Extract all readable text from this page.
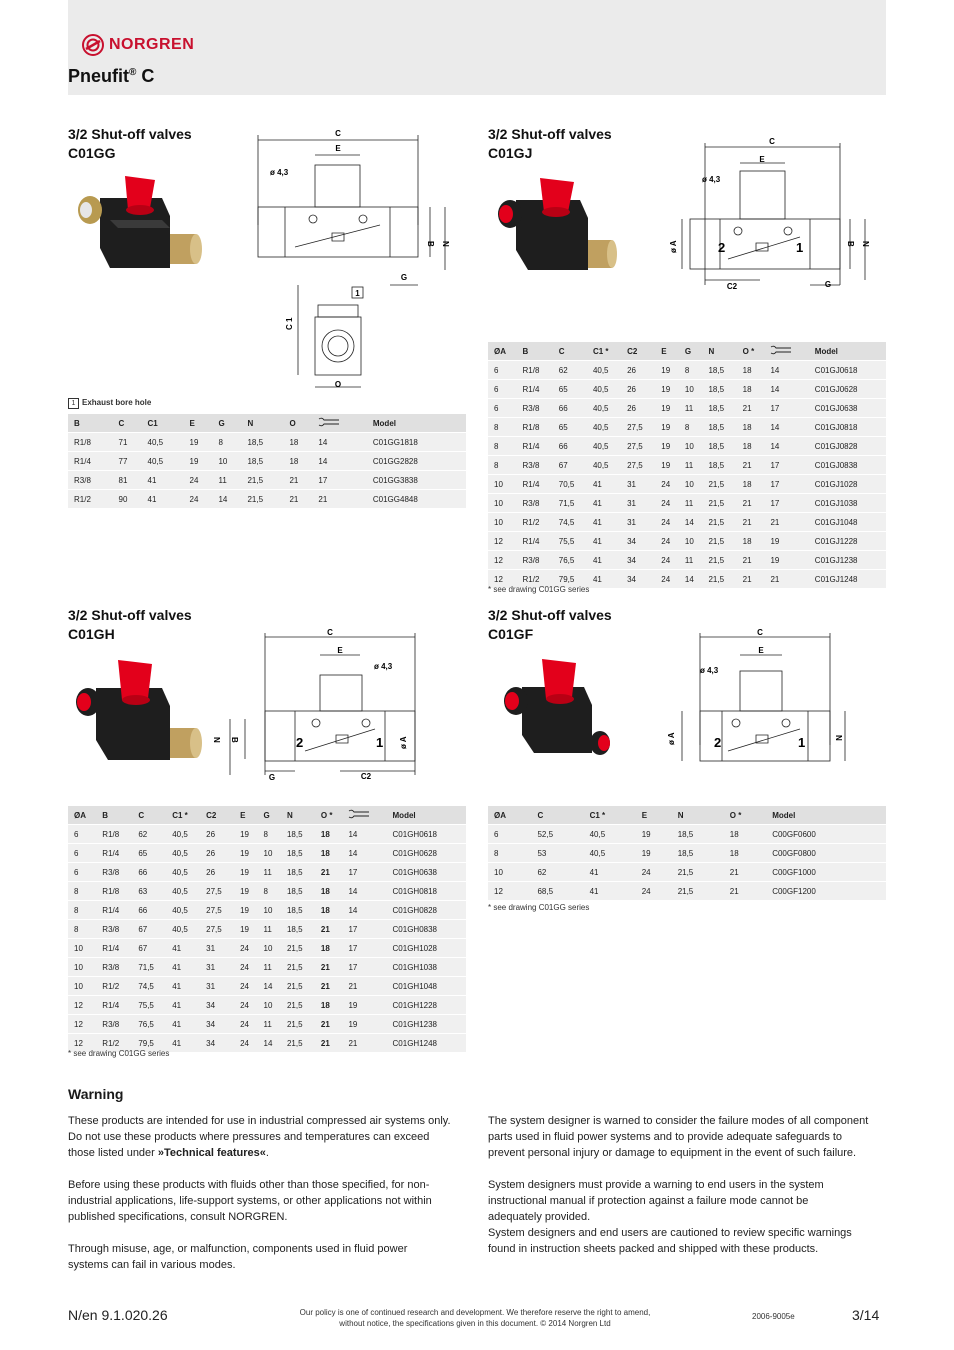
NORGREN
Pneufit® C
3/2 Shut-off valves
C01GG
C
E
ø 4,3
B N
G
1
C 1
O
1 Exhaust bore hole
B	C	C1	E	G	N	O		Model
R1/8	71	40,5	19	8	18,5	18	14	C01GG1818
R1/4	77	40,5	19	10	18,5	18	14	C01GG2828
R3/8	81	41	24	11	21,5	21	17	C01GG3838
R1/2	90	41	24	14	21,5	21	21	C01GG4848
3/2 Shut-off valves
C01GJ
C
E
ø 4,3
ø A	2	1	B N
C2	G
ØA	B	C	C1 *	C2	E	G	N	O *		Model
6	R1/8	62	40,5	26	19	8	18,5	18	14	C01GJ0618
6	R1/4	65	40,5	26	19	10	18,5	18	14	C01GJ0628
6	R3/8	66	40,5	26	19	11	18,5	21	17	C01GJ0638
8	R1/8	65	40,5	27,5	19	8	18,5	18	14	C01GJ0818
8	R1/4	66	40,5	27,5	19	10	18,5	18	14	C01GJ0828
8	R3/8	67	40,5	27,5	19	11	18,5	21	17	C01GJ0838
10	R1/4	70,5	41	31	24	10	21,5	18	17	C01GJ1028
10	R3/8	71,5	41	31	24	11	21,5	21	17	C01GJ1038
10	R1/2	74,5	41	31	24	14	21,5	21	21	C01GJ1048
12	R1/4	75,5	41	34	24	10	21,5	18	19	C01GJ1228
12	R3/8	76,5	41	34	24	11	21,5	21	19	C01GJ1238
12	R1/2	79,5	41	34	24	14	21,5	21	21	C01GJ1248
* see drawing C01GG series
3/2 Shut-off valves
C01GH	C
E
ø 4,3
N B	2	1 ø A
G	C2
ØA	B	C	C1 *	C2	E	G	N	O *		Model
6	R1/8	62	40,5	26	19	8	18,5	18	14	C01GH0618
6	R1/4	65	40,5	26	19	10	18,5	18	14	C01GH0628
6	R3/8	66	40,5	26	19	11	18,5	21	17	C01GH0638
8	R1/8	63	40,5	27,5	19	8	18,5	18	14	C01GH0818
8	R1/4	66	40,5	27,5	19	10	18,5	18	14	C01GH0828
8	R3/8	67	40,5	27,5	19	11	18,5	21	17	C01GH0838
10	R1/4	67	41	31	24	10	21,5	18	17	C01GH1028
10	R3/8	71,5	41	31	24	11	21,5	21	17	C01GH1038
10	R1/2	74,5	41	31	24	14	21,5	21	21	C01GH1048
12	R1/4	75,5	41	34	24	10	21,5	18	19	C01GH1228
12	R3/8	76,5	41	34	24	11	21,5	21	19	C01GH1238
12	R1/2	79,5	41	34	24	14	21,5	21	21	C01GH1248
* see drawing C01GG series
3/2 Shut-off valves
C01GF	C
E
ø 4,3
ø A	2	1	N
ØA	C	C1 *	E	N	O *	Model
6	52,5	40,5	19	18,5	18	C00GF0600
8	53	40,5	19	18,5	18	C00GF0800
10	62	41	24	21,5	21	C00GF1000
12	68,5	41	24	21,5	21	C00GF1200
* see drawing C01GG series
Warning
These products are intended for use in industrial compressed air systems only. Do not use these products where pressures and temperatures can exceed those listed under »Technical features«.
Before using these products with fluids other than those specified, for non-industrial applications, life-support systems, or other applications not within published specifications, consult NORGREN.
Through misuse, age, or malfunction, components used in fluid power systems can fail in various modes.
The system designer is warned to consider the failure modes of all component parts used in fluid power systems and to provide adequate safeguards to prevent personal injury or damage to equipment in the event of such failure.
System designers must provide a warning to end users in the system instructional manual if protection against a failure mode cannot be adequately provided.
System designers and end users are cautioned to review specific warnings found in instruction sheets packed and shipped with these products.
N/en 9.1.020.26	Our policy is one of continued research and development. We therefore reserve the right to amend,
without notice, the specifications given in this document. © 2014 Norgren Ltd
2006-9005e	3/14
